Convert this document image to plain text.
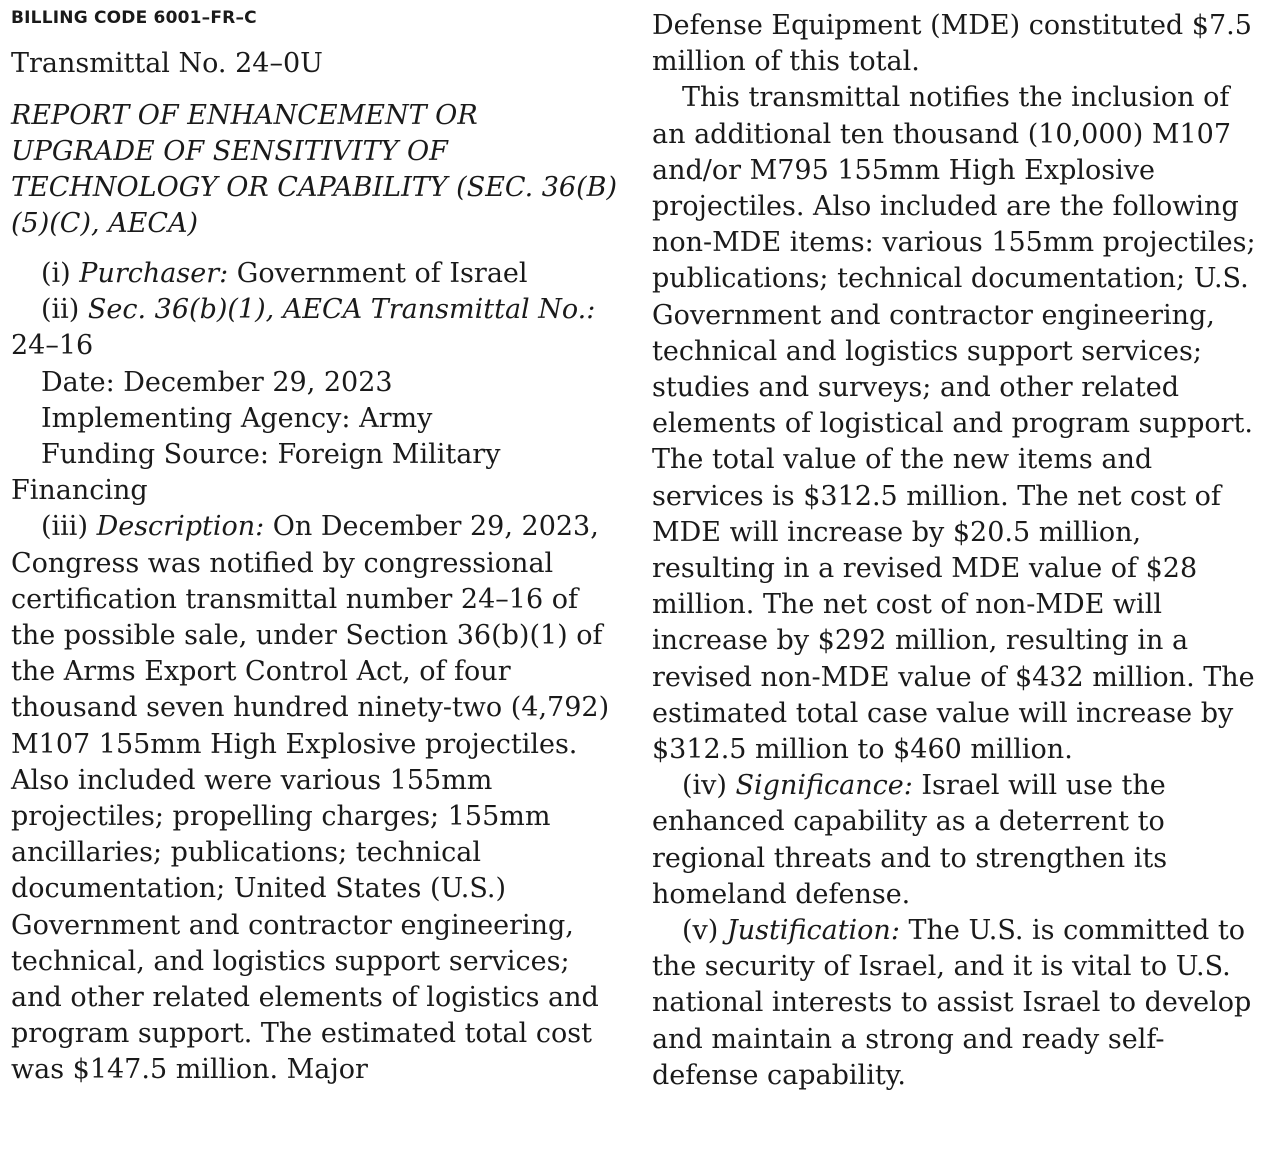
BILLING CODE 6001–FR–C
Transmittal No. 24–0U
REPORT OF ENHANCEMENT OR UPGRADE OF SENSITIVITY OF TECHNOLOGY OR CAPABILITY (SEC. 36(B)(5)(C), AECA)

(i) Purchaser: Government of Israel

(ii) Sec. 36(b)(1), AECA Transmittal No.: 24–16

Date: December 29, 2023

Implementing Agency: Army

Funding Source: Foreign Military Financing

(iii) Description: On December 29, 2023, Congress was notified by congressional certification transmittal number 24–16 of the possible sale, under Section 36(b)(1) of the Arms Export Control Act, of four thousand seven hundred ninety-two (4,792) M107 155mm High Explosive projectiles. Also included were various 155mm projectiles; propelling charges; 155mm ancillaries; publications; technical documentation; United States (U.S.) Government and contractor engineering, technical, and logistics support services; and other related elements of logistics and program support. The estimated total cost was $147.5 million. Major

Defense Equipment (MDE) constituted $7.5 million of this total.

This transmittal notifies the inclusion of an additional ten thousand (10,000) M107 and/or M795 155mm High Explosive projectiles. Also included are the following non-MDE items: various 155mm projectiles; publications; technical documentation; U.S. Government and contractor engineering, technical and logistics support services; studies and surveys; and other related elements of logistical and program support. The total value of the new items and services is $312.5 million. The net cost of MDE will increase by $20.5 million, resulting in a revised MDE value of $28 million. The net cost of non-MDE will increase by $292 million, resulting in a revised non-MDE value of $432 million. The estimated total case value will increase by $312.5 million to $460 million.

(iv) Significance: Israel will use the enhanced capability as a deterrent to regional threats and to strengthen its homeland defense.

(v) Justification: The U.S. is committed to the security of Israel, and it is vital to U.S. national interests to assist Israel to develop and maintain a strong and ready self-defense capability.
